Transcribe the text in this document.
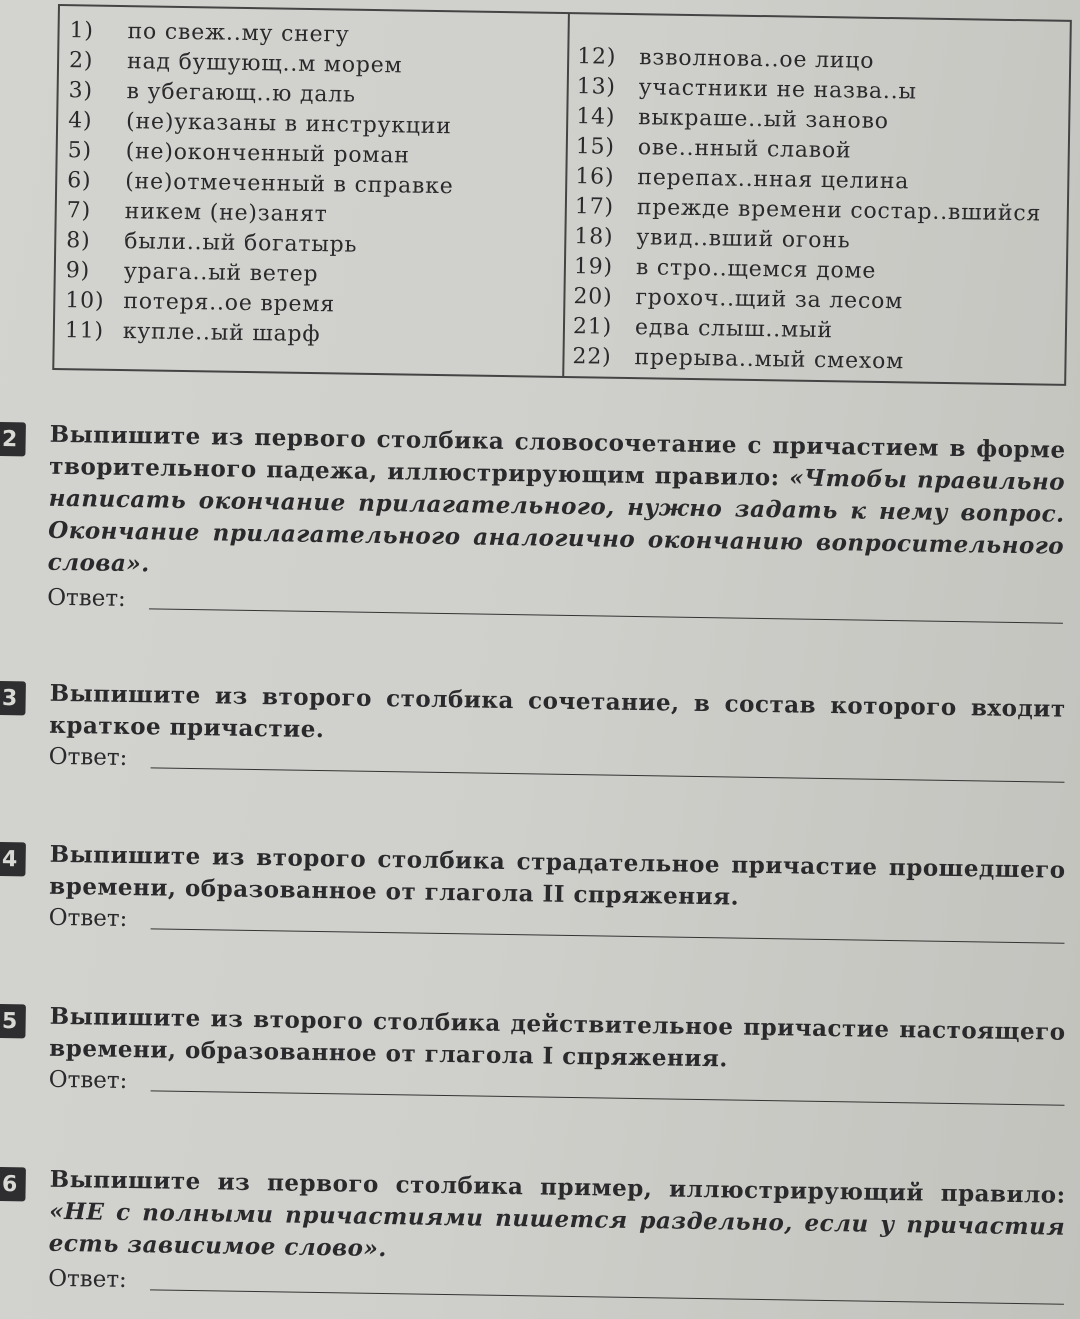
1) по свеж..му снегу
2) над бушующ..м морем
3) в убегающ..ю даль
4) (не)указаны в инструкции
5) (не)оконченный роман
6) (не)отмеченный в справке
7) никем (не)занят
8) были..ый богатырь
9) урага..ый ветер
10) потеря..ое время
11) купле..ый шарф
12) взволнова..ое лицо
13) участники не назва..ы
14) выкраше..ый заново
15) ове..нный славой
16) перепах..нная целина
17) прежде времени состар..вшийся
18) увид..вший огонь
19) в стро..щемся доме
20) грохоч..щий за лесом
21) едва слыш..мый
22) прерыва..мый смехом
2	Выпишите из первого столбика словосочетание с причастием в форме творительного падежа, иллюстрирующим правило: «Чтобы правильно написать окончание прилагательного, нужно задать к нему вопрос. Окончание прилагательного аналогично окончанию вопросительного слова».
Ответ:
3	Выпишите из второго столбика сочетание, в состав которого входит краткое причастие.
Ответ:
4	Выпишите из второго столбика страдательное причастие прошедшего времени, образованное от глагола II спряжения.
Ответ:
5	Выпишите из второго столбика действительное причастие настоящего времени, образованное от глагола I спряжения.
Ответ:
6	Выпишите из первого столбика пример, иллюстрирующий правило: «НЕ с полными причастиями пишется раздельно, если у причастия есть зависимое слово».
Ответ:
